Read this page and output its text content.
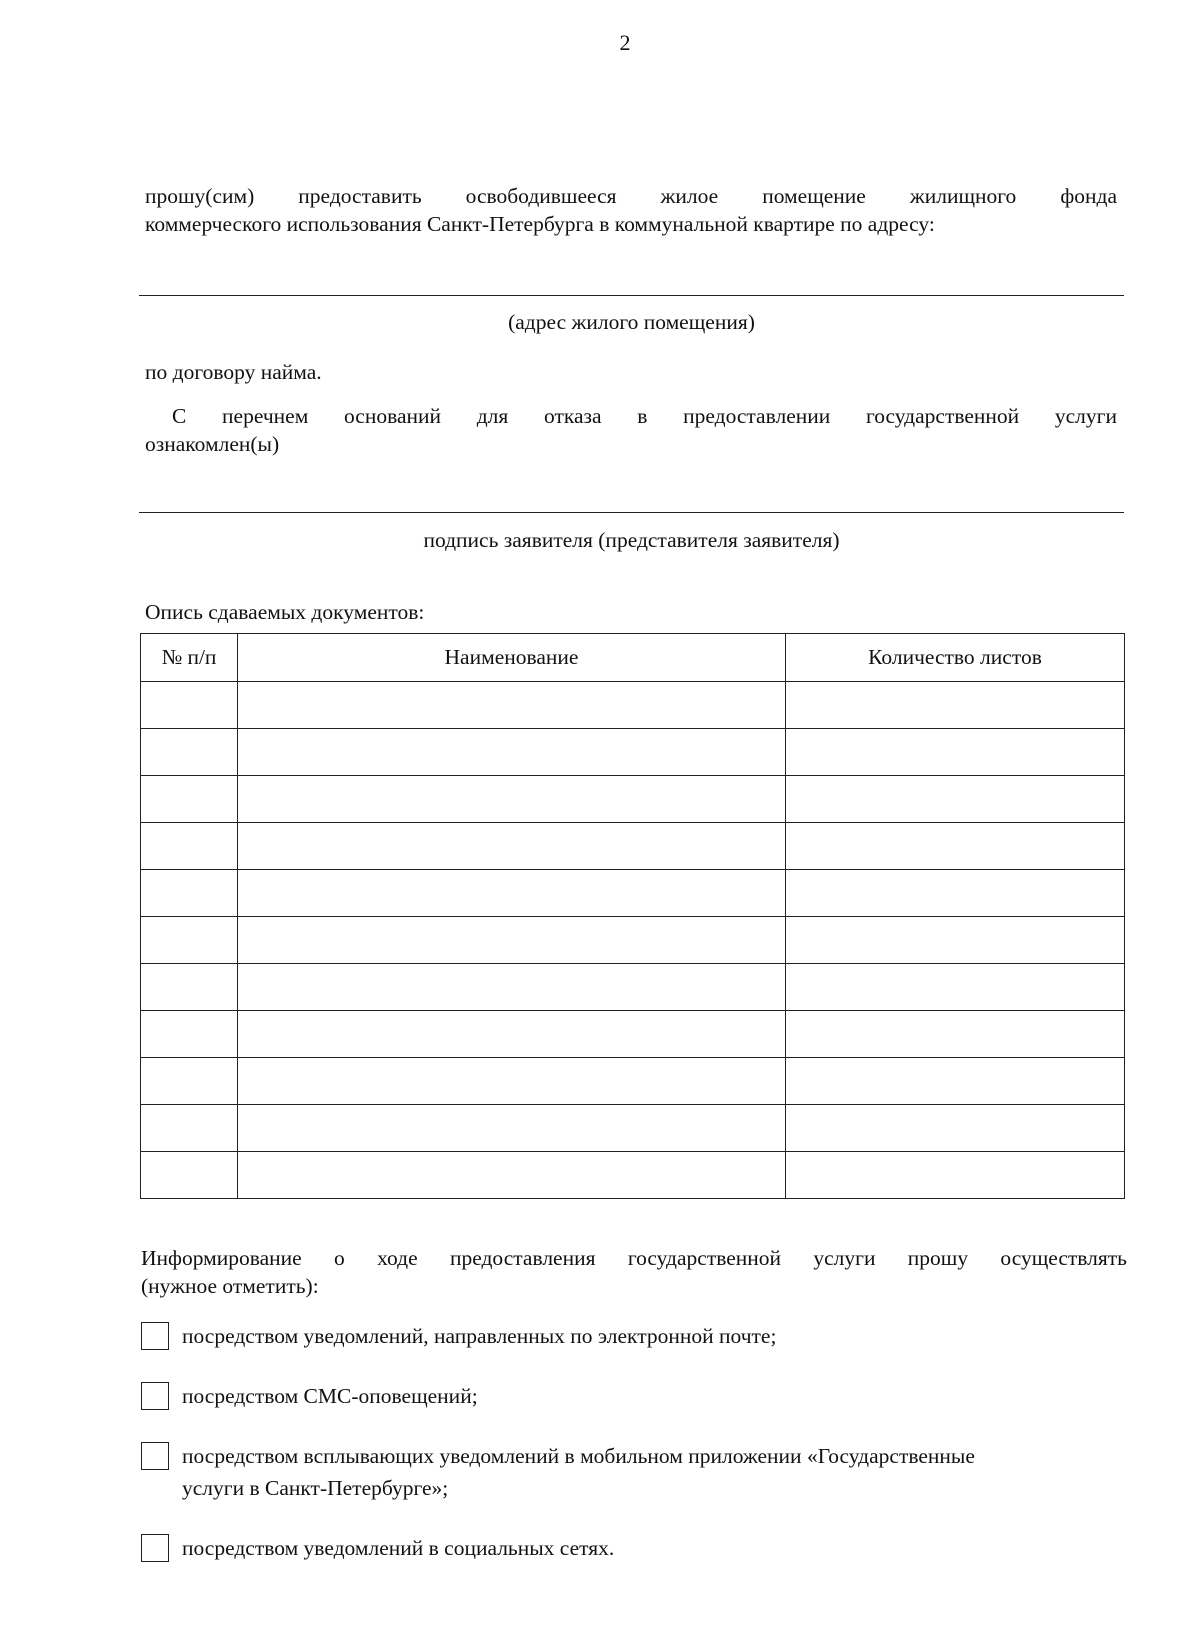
2
прошу(сим) предоставить освободившееся жилое помещение жилищного фонда
коммерческого использования Санкт-Петербурга в коммунальной квартире по адресу:
(адрес жилого помещения)
по договору найма.
С перечнем оснований для отказа в предоставлении государственной услуги
ознакомлен(ы)
подпись заявителя (представителя заявителя)
Опись сдаваемых документов:
№ п/п	Наименование	Количество листов

Информирование о ходе предоставления государственной услуги прошу осуществлять
(нужное отметить):
посредством уведомлений, направленных по электронной почте;
посредством СМС-оповещений;
посредством всплывающих уведомлений в мобильном приложении «Государственные
услуги в Санкт-Петербурге»;
посредством уведомлений в социальных сетях.
